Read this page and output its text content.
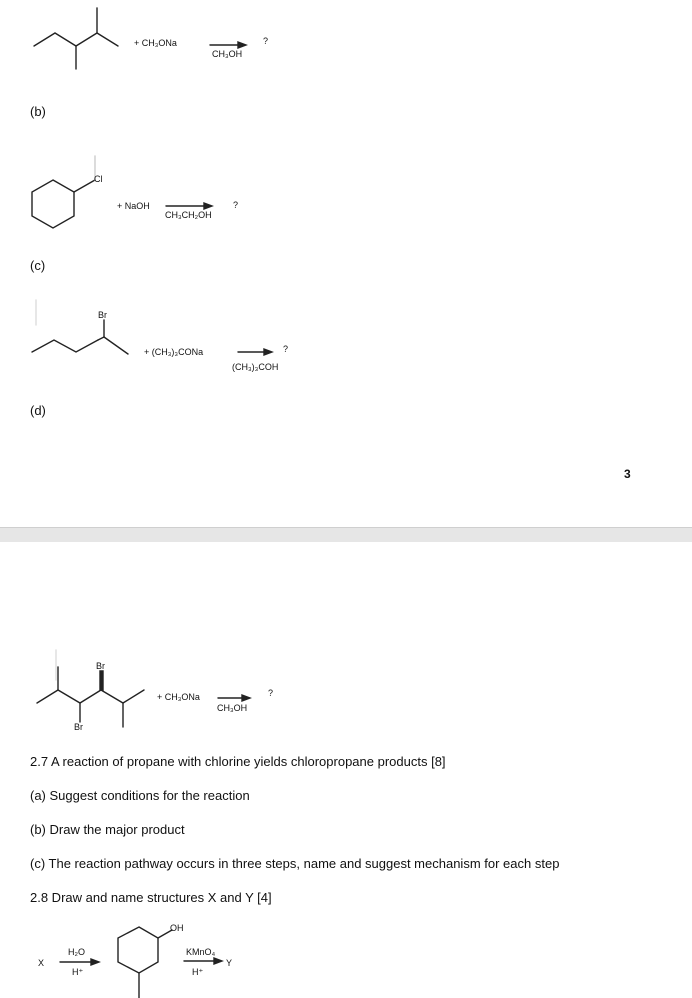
+ CH₃ONa
CH₃OH
?
(b)
Cl
+ NaOH
CH₃CH₂OH
?
(c)
Br
+ (CH₃)₃CONa
(CH₃)₃COH
?
(d)
3
Br
Br
+ CH₃ONa
CH₃OH
?
2.7 A reaction of propane with chlorine yields chloropropane products [8]
(a) Suggest conditions for the reaction
(b) Draw the major product
(c) The reaction pathway occurs in three steps, name and suggest mechanism for each step
2.8 Draw and name structures X and Y [4]
X
H₂O
H⁺
OH
KMnO₄
H⁺
Y
